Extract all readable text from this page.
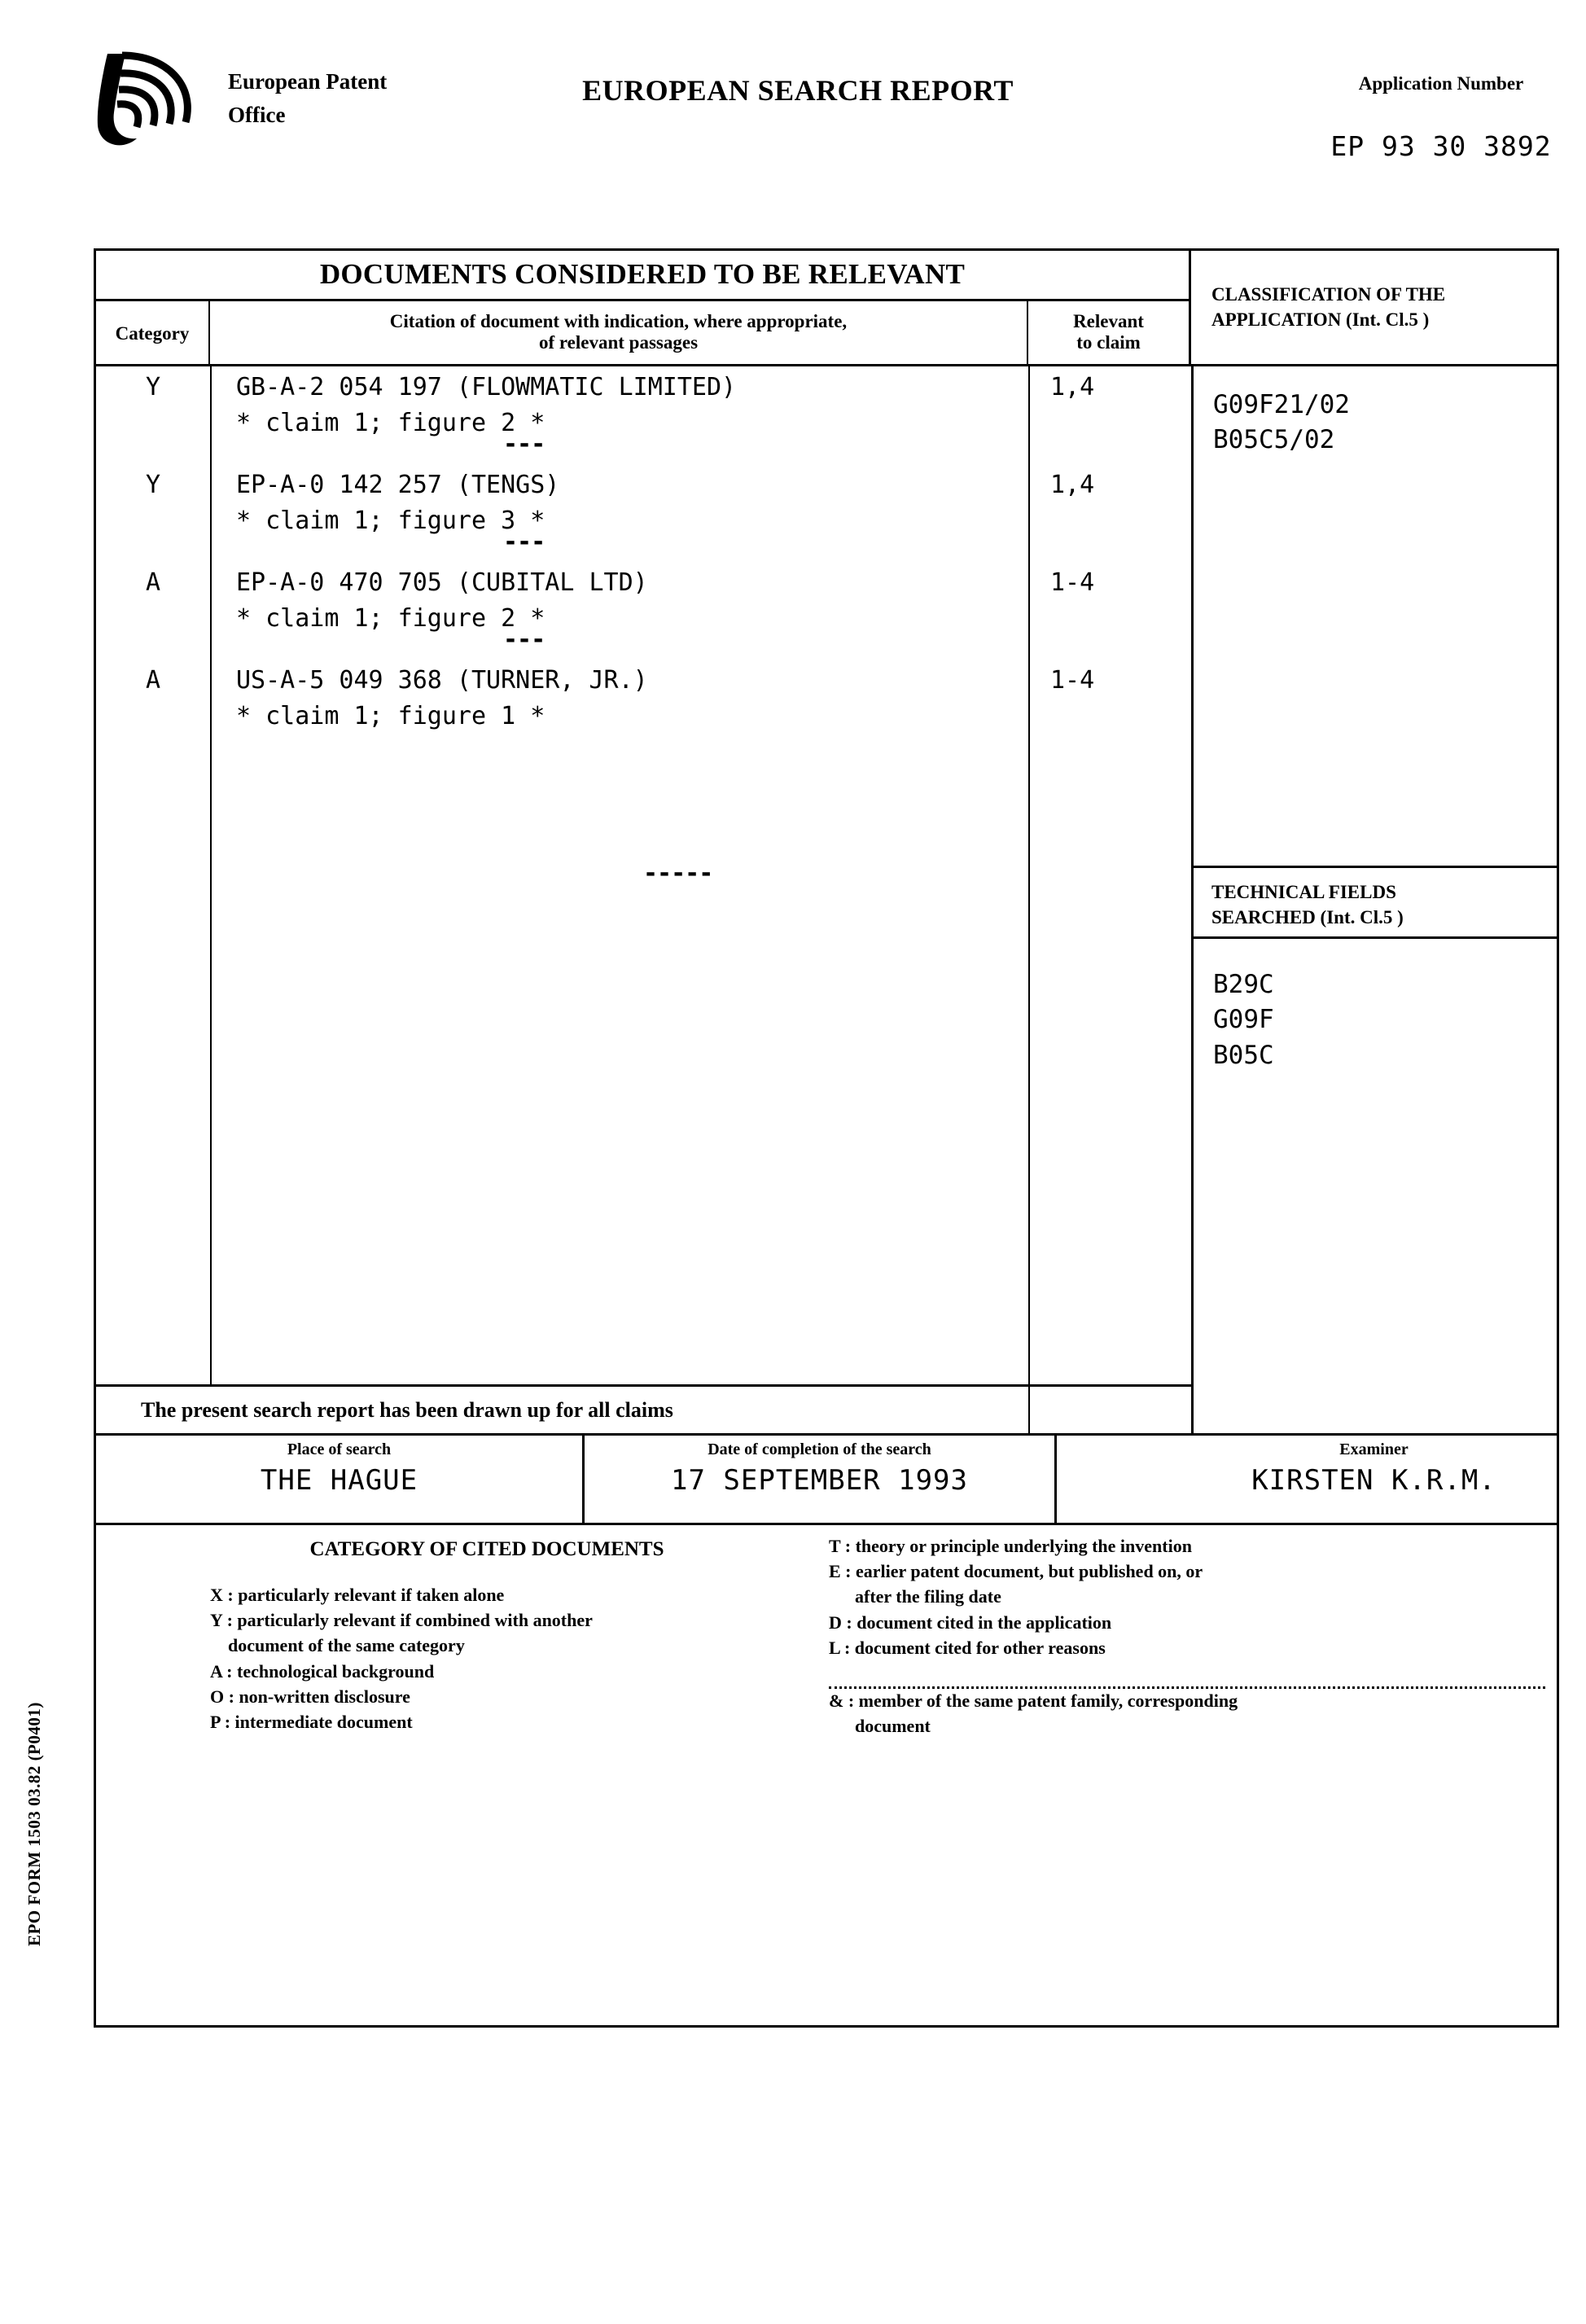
European Patent
Office
EUROPEAN SEARCH REPORT	Application Number
EP 93 30 3892
DOCUMENTS CONSIDERED TO BE RELEVANT
Category
Citation of document with indication, where appropriate,
of relevant passages
Relevant
to claim
CLASSIFICATION OF THE
APPLICATION (Int. Cl.5 )
Y	GB-A-2 054 197 (FLOWMATIC LIMITED)
* claim 1; figure 2 *
1,4
---
Y	EP-A-0 142 257 (TENGS)
* claim 1; figure 3 *
1,4
---
A	EP-A-0 470 705 (CUBITAL LTD)
* claim 1; figure 2 *
1-4
---
A	US-A-5 049 368 (TURNER, JR.)
* claim 1; figure 1 *
1-4
-----
G09F21/02
B05C5/02
TECHNICAL FIELDS
SEARCHED (Int. Cl.5 )
B29C
G09F
B05C
The present search report has been drawn up for all claims
Place of search
THE HAGUE
Date of completion of the search
17 SEPTEMBER 1993
Examiner
KIRSTEN K.R.M.
CATEGORY OF CITED DOCUMENTS
X : particularly relevant if taken alone
Y : particularly relevant if combined with another
document of the same category
A : technological background
O : non-written disclosure
P : intermediate document
T : theory or principle underlying the invention
E : earlier patent document, but published on, or
after the filing date
D : document cited in the application
L : document cited for other reasons
& : member of the same patent family, corresponding
document
EPO FORM 1503 03.82 (P0401)
